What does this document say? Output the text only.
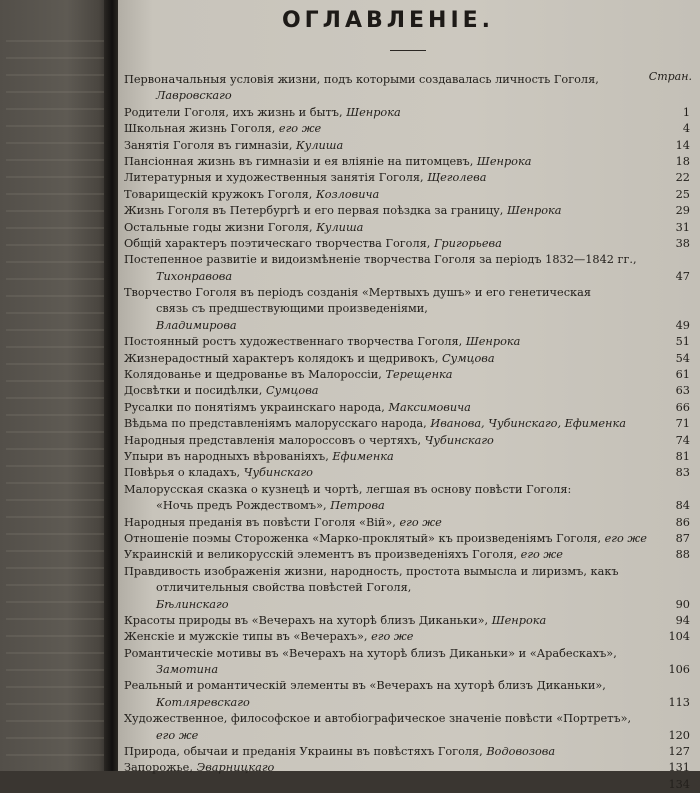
ОГЛАВЛЕНIЕ.
Стран.
Первоначальныя условiя жизни, подъ которыми создавалась личность Гоголя,
Лавровскаго
Родители Гоголя, ихъ жизнь и бытъ, Шенрока	1
Школьная жизнь Гоголя, его же	4
Занятiя Гоголя въ гимназiи, Кулиша	14
Пансiонная жизнь въ гимназiи и ея влiянiе на питомцевъ, Шенрока	18
Литературныя и художественныя занятiя Гоголя, Щеголева	22
Товарищескiй кружокъ Гоголя, Козловича	25
Жизнь Гоголя въ Петербургѣ и его первая поѣздка за границу, Шенрока	29
Остальные годы жизни Гоголя, Кулиша	31
Общiй характеръ поэтическаго творчества Гоголя, Григорьева	38
Постепенное развитiе и видоизмѣненiе творчества Гоголя за перiодъ 1832—1842 гг.,
Тихонравова	47
Творчество Гоголя въ перiодъ созданiя «Мертвыхъ душъ» и его генетическая
связь съ предшествующими произведенiями,
Владимирова	49
Постоянный ростъ художественнаго творчества Гоголя, Шенрока	51
Жизнерадостный характеръ колядокъ и щедривокъ, Сумцова	54
Колядованье и щедрованье въ Малороссiи, Терещенка	61
Досвѣтки и посидѣлки, Сумцова	63
Русалки по понятiямъ украинскаго народа, Максимовича	66
Вѣдьма по представленiямъ малорусскаго народа, Иванова, Чубинскаго, Ефименка	71
Народныя представленiя малороссовъ о чертяхъ, Чубинскаго	74
Упыри въ народныхъ вѣрованiяхъ, Ефименка	81
Повѣрья о кладахъ, Чубинскаго	83
Малорусская сказка о кузнецѣ и чортѣ, легшая въ основу повѣсти Гоголя:
«Ночь предъ Рождествомъ», Петрова	84
Народныя преданiя въ повѣсти Гоголя «Вiй», его же	86
Отношенiе поэмы Стороженка «Марко-проклятый» къ произведенiямъ Гоголя, его же	87
Украинскiй и великорусскiй элементъ въ произведенiяхъ Гоголя, его же	88
Правдивость изображенiя жизни, народность, простота вымысла и лиризмъ, какъ
отличительныя свойства повѣстей Гоголя,
Бѣлинскаго	90
Красоты природы въ «Вечерахъ на хуторѣ близъ Диканьки», Шенрока	94
Женскiе и мужскiе типы въ «Вечерахъ», его же	104
Романтическiе мотивы въ «Вечерахъ на хуторѣ близъ Диканьки» и «Арабескахъ»,
Замотина	106
Реальный и романтическiй элементы въ «Вечерахъ на хуторѣ близъ Диканьки»,
Котляревскаго	113
Художественное, философское и автобiографическое значенiе повѣсти «Портретъ»,
его же	120
Природа, обычаи и преданiя Украины въ повѣстяхъ Гоголя, Водовозова	127
Запорожье, Эварницкаго	131
134
